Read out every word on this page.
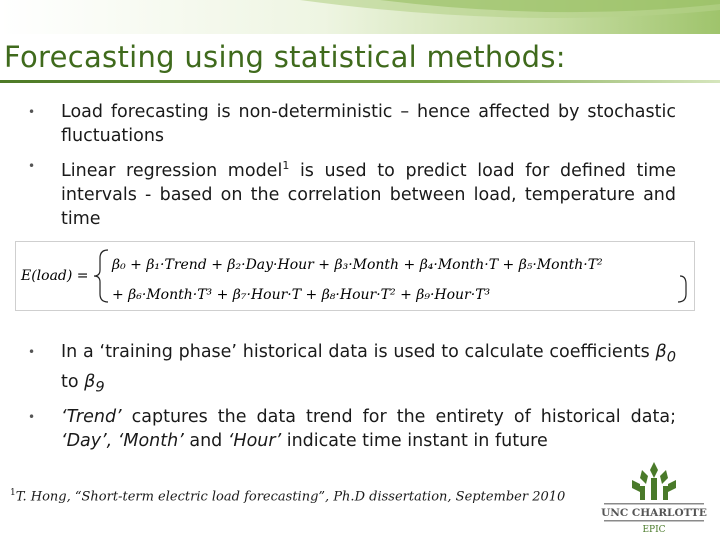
Forecasting using statistical methods:
• Load forecasting is non-deterministic – hence affected by stochastic fluctuations
• Linear regression model$^1$ is used to predict load for defined time intervals - based on the correlation between load, temperature and time
E(load) =
β₀ + β₁·Trend + β₂·Day·Hour + β₃·Month + β₄·Month·T + β₅·Month·T²
+ β₆·Month·T³ + β₇·Hour·T + β₈·Hour·T² + β₉·Hour·T³
• In a ‘training phase’ historical data is used to calculate coefficients $\beta_0$ to $\beta_9$
• ‘Trend’ captures the data trend for the entirety of historical data; ‘Day’, ‘Month’ and ‘Hour’ indicate time instant in future
$^1$T. Hong, “Short-term electric load forecasting”, Ph.D dissertation, September 2010
UNC CHARLOTTE
EPIC
